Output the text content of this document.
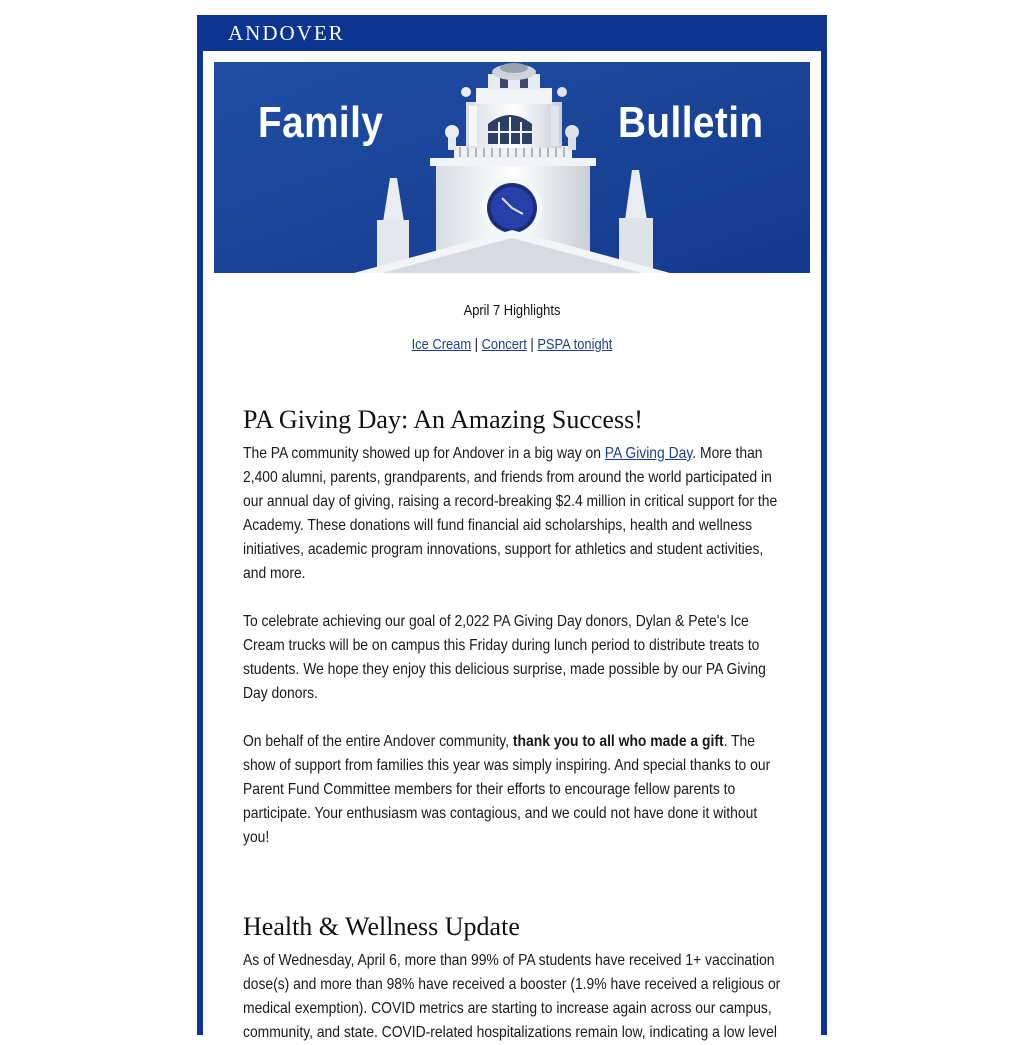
ANDOVER
Family	Bulletin
April 7 Highlights
Ice Cream | Concert | PSPA tonight
PA Giving Day: An Amazing Success!

The PA community showed up for Andover in a big way on PA Giving Day. More than 2,400 alumni, parents, grandparents, and friends from around the world participated in our annual day of giving, raising a record-breaking $2.4 million in critical support for the Academy. These donations will fund financial aid scholarships, health and wellness initiatives, academic program innovations, support for athletics and student activities, and more.

To celebrate achieving our goal of 2,022 PA Giving Day donors, Dylan & Pete's Ice Cream trucks will be on campus this Friday during lunch period to distribute treats to students. We hope they enjoy this delicious surprise, made possible by our PA Giving Day donors.

On behalf of the entire Andover community, thank you to all who made a gift. The show of support from families this year was simply inspiring. And special thanks to our Parent Fund Committee members for their efforts to encourage fellow parents to participate. Your enthusiasm was contagious, and we could not have done it without you!

Health & Wellness Update

As of Wednesday, April 6, more than 99% of PA students have received 1+ vaccination dose(s) and more than 98% have received a booster (1.9% have received a religious or medical exemption). COVID metrics are starting to increase again across our campus, community, and state. COVID-related hospitalizations remain low, indicating a low level
